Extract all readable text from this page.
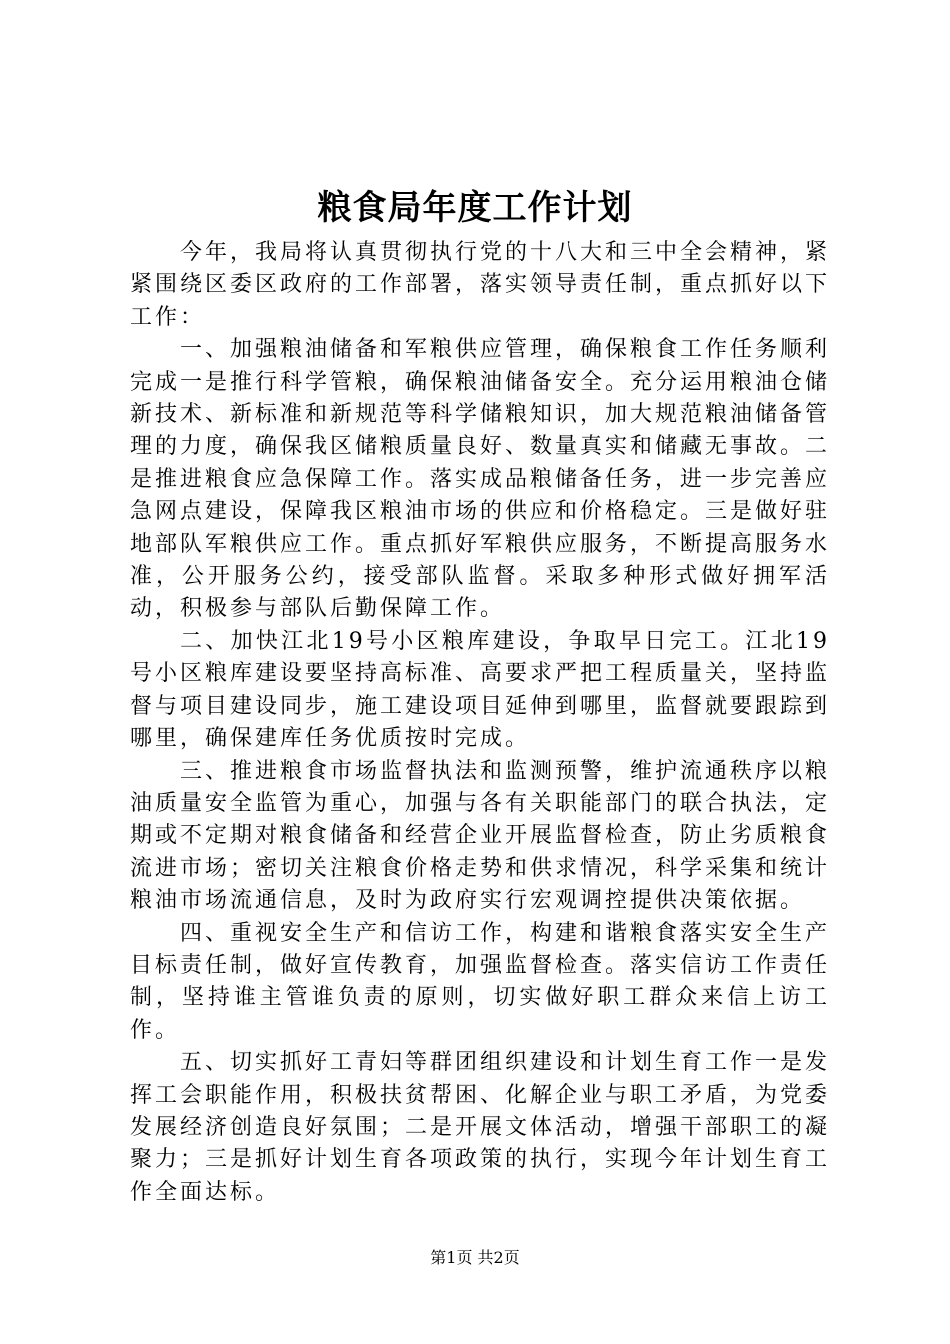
粮食局年度工作计划

今年，我局将认真贯彻执行党的十八大和三中全会精神，紧紧围绕区委区政府的工作部署，落实领导责任制，重点抓好以下工作：

一、加强粮油储备和军粮供应管理，确保粮食工作任务顺利完成一是推行科学管粮，确保粮油储备安全。充分运用粮油仓储新技术、新标准和新规范等科学储粮知识，加大规范粮油储备管理的力度，确保我区储粮质量良好、数量真实和储藏无事故。二是推进粮食应急保障工作。落实成品粮储备任务，进一步完善应急网点建设，保障我区粮油市场的供应和价格稳定。三是做好驻地部队军粮供应工作。重点抓好军粮供应服务，不断提高服务水准，公开服务公约，接受部队监督。采取多种形式做好拥军活动，积极参与部队后勤保障工作。

二、加快江北19号小区粮库建设，争取早日完工。江北19号小区粮库建设要坚持高标准、高要求严把工程质量关，坚持监督与项目建设同步，施工建设项目延伸到哪里，监督就要跟踪到哪里，确保建库任务优质按时完成。

三、推进粮食市场监督执法和监测预警，维护流通秩序以粮油质量安全监管为重心，加强与各有关职能部门的联合执法，定期或不定期对粮食储备和经营企业开展监督检查，防止劣质粮食流进市场；密切关注粮食价格走势和供求情况，科学采集和统计粮油市场流通信息，及时为政府实行宏观调控提供决策依据。

四、重视安全生产和信访工作，构建和谐粮食落实安全生产目标责任制，做好宣传教育，加强监督检查。落实信访工作责任制，坚持谁主管谁负责的原则，切实做好职工群众来信上访工作。

五、切实抓好工青妇等群团组织建设和计划生育工作一是发挥工会职能作用，积极扶贫帮困、化解企业与职工矛盾，为党委发展经济创造良好氛围；二是开展文体活动，增强干部职工的凝聚力；三是抓好计划生育各项政策的执行，实现今年计划生育工作全面达标。

第1页 共2页
